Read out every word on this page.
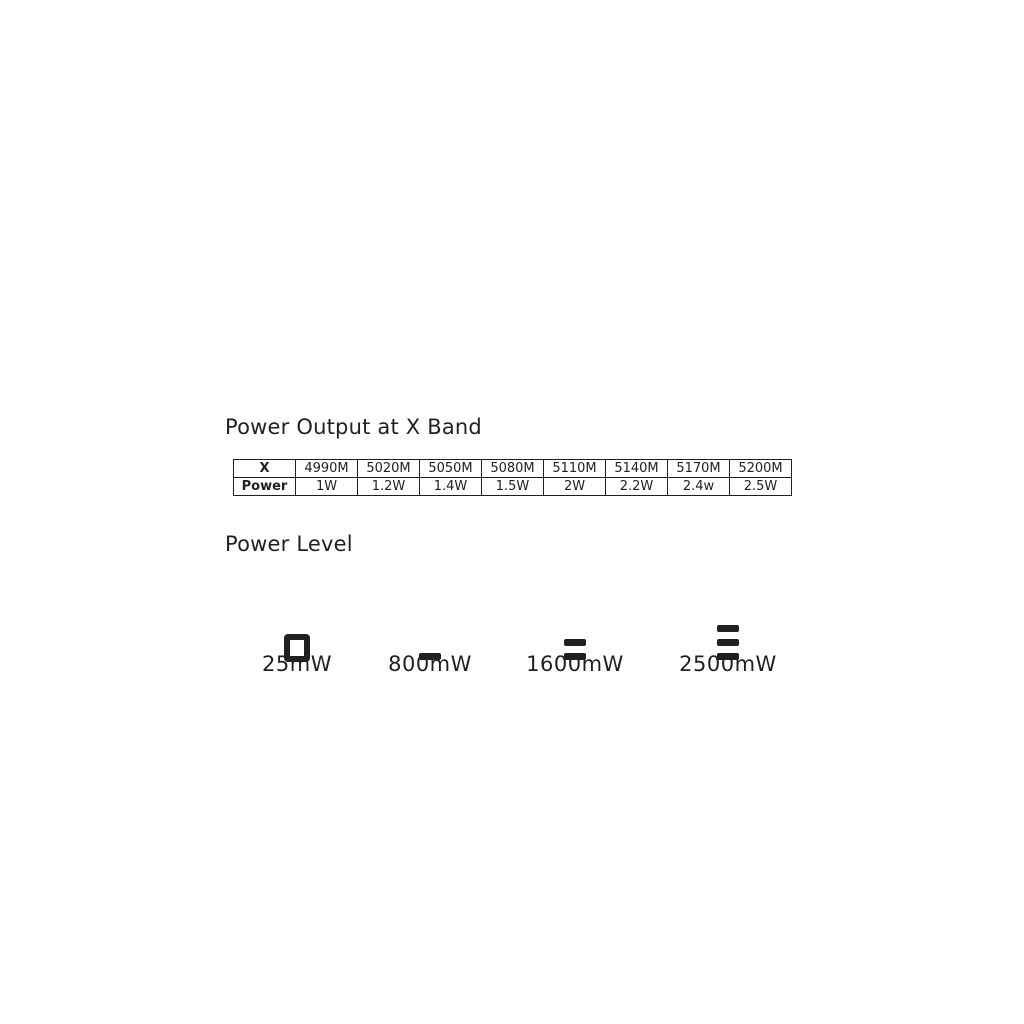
Power Output at X Band
X	4990M	5020M	5050M	5080M	5110M	5140M	5170M	5200M
Power	1W	1.2W	1.4W	1.5W	2W	2.2W	2.4w	2.5W
Power Level
25mW	800mW	1600mW	2500mW
